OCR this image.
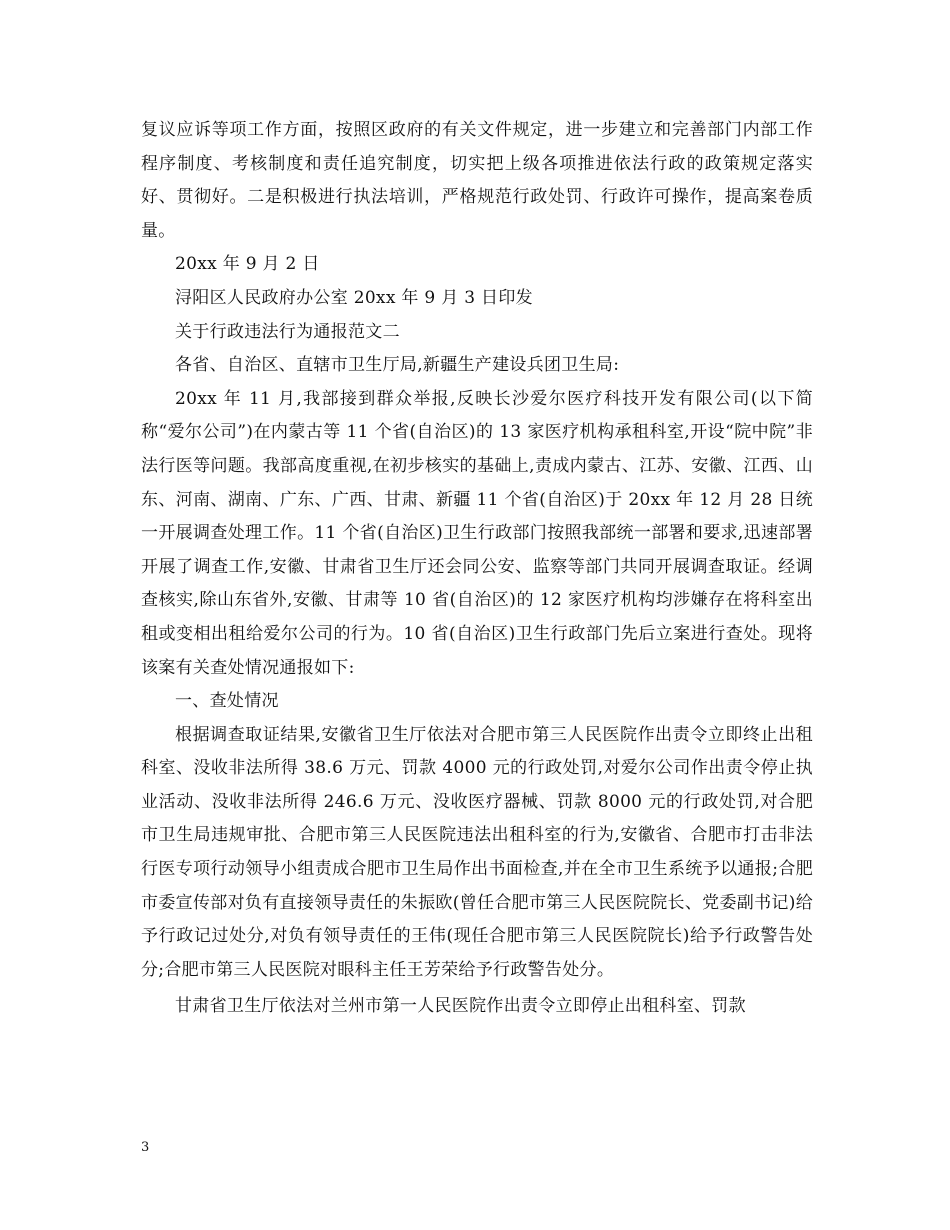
复议应诉等项工作方面，按照区政府的有关文件规定，进一步建立和完善部门内部工作程序制度、考核制度和责任追究制度，切实把上级各项推进依法行政的政策规定落实好、贯彻好。二是积极进行执法培训，严格规范行政处罚、行政许可操作，提高案卷质量。

20xx 年 9 月 2 日

浔阳区人民政府办公室 20xx 年 9 月 3 日印发

关于行政违法行为通报范文二

各省、自治区、直辖市卫生厅局,新疆生产建设兵团卫生局:

20xx 年 11 月,我部接到群众举报,反映长沙爱尔医疗科技开发有限公司(以下简称“爱尔公司”)在内蒙古等 11 个省(自治区)的 13 家医疗机构承租科室,开设“院中院”非法行医等问题。我部高度重视,在初步核实的基础上,责成内蒙古、江苏、安徽、江西、山东、河南、湖南、广东、广西、甘肃、新疆 11 个省(自治区)于 20xx 年 12 月 28 日统一开展调查处理工作。11 个省(自治区)卫生行政部门按照我部统一部署和要求,迅速部署开展了调查工作,安徽、甘肃省卫生厅还会同公安、监察等部门共同开展调查取证。经调查核实,除山东省外,安徽、甘肃等 10 省(自治区)的 12 家医疗机构均涉嫌存在将科室出租或变相出租给爱尔公司的行为。10 省(自治区)卫生行政部门先后立案进行查处。现将该案有关查处情况通报如下:

一、查处情况

根据调查取证结果,安徽省卫生厅依法对合肥市第三人民医院作出责令立即终止出租科室、没收非法所得 38.6 万元、罚款 4000 元的行政处罚,对爱尔公司作出责令停止执业活动、没收非法所得 246.6 万元、没收医疗器械、罚款 8000 元的行政处罚,对合肥市卫生局违规审批、合肥市第三人民医院违法出租科室的行为,安徽省、合肥市打击非法行医专项行动领导小组责成合肥市卫生局作出书面检查,并在全市卫生系统予以通报;合肥市委宣传部对负有直接领导责任的朱振欧(曾任合肥市第三人民医院院长、党委副书记)给予行政记过处分,对负有领导责任的王伟(现任合肥市第三人民医院院长)给予行政警告处分;合肥市第三人民医院对眼科主任王芳荣给予行政警告处分。

甘肃省卫生厅依法对兰州市第一人民医院作出责令立即停止出租科室、罚款

3
